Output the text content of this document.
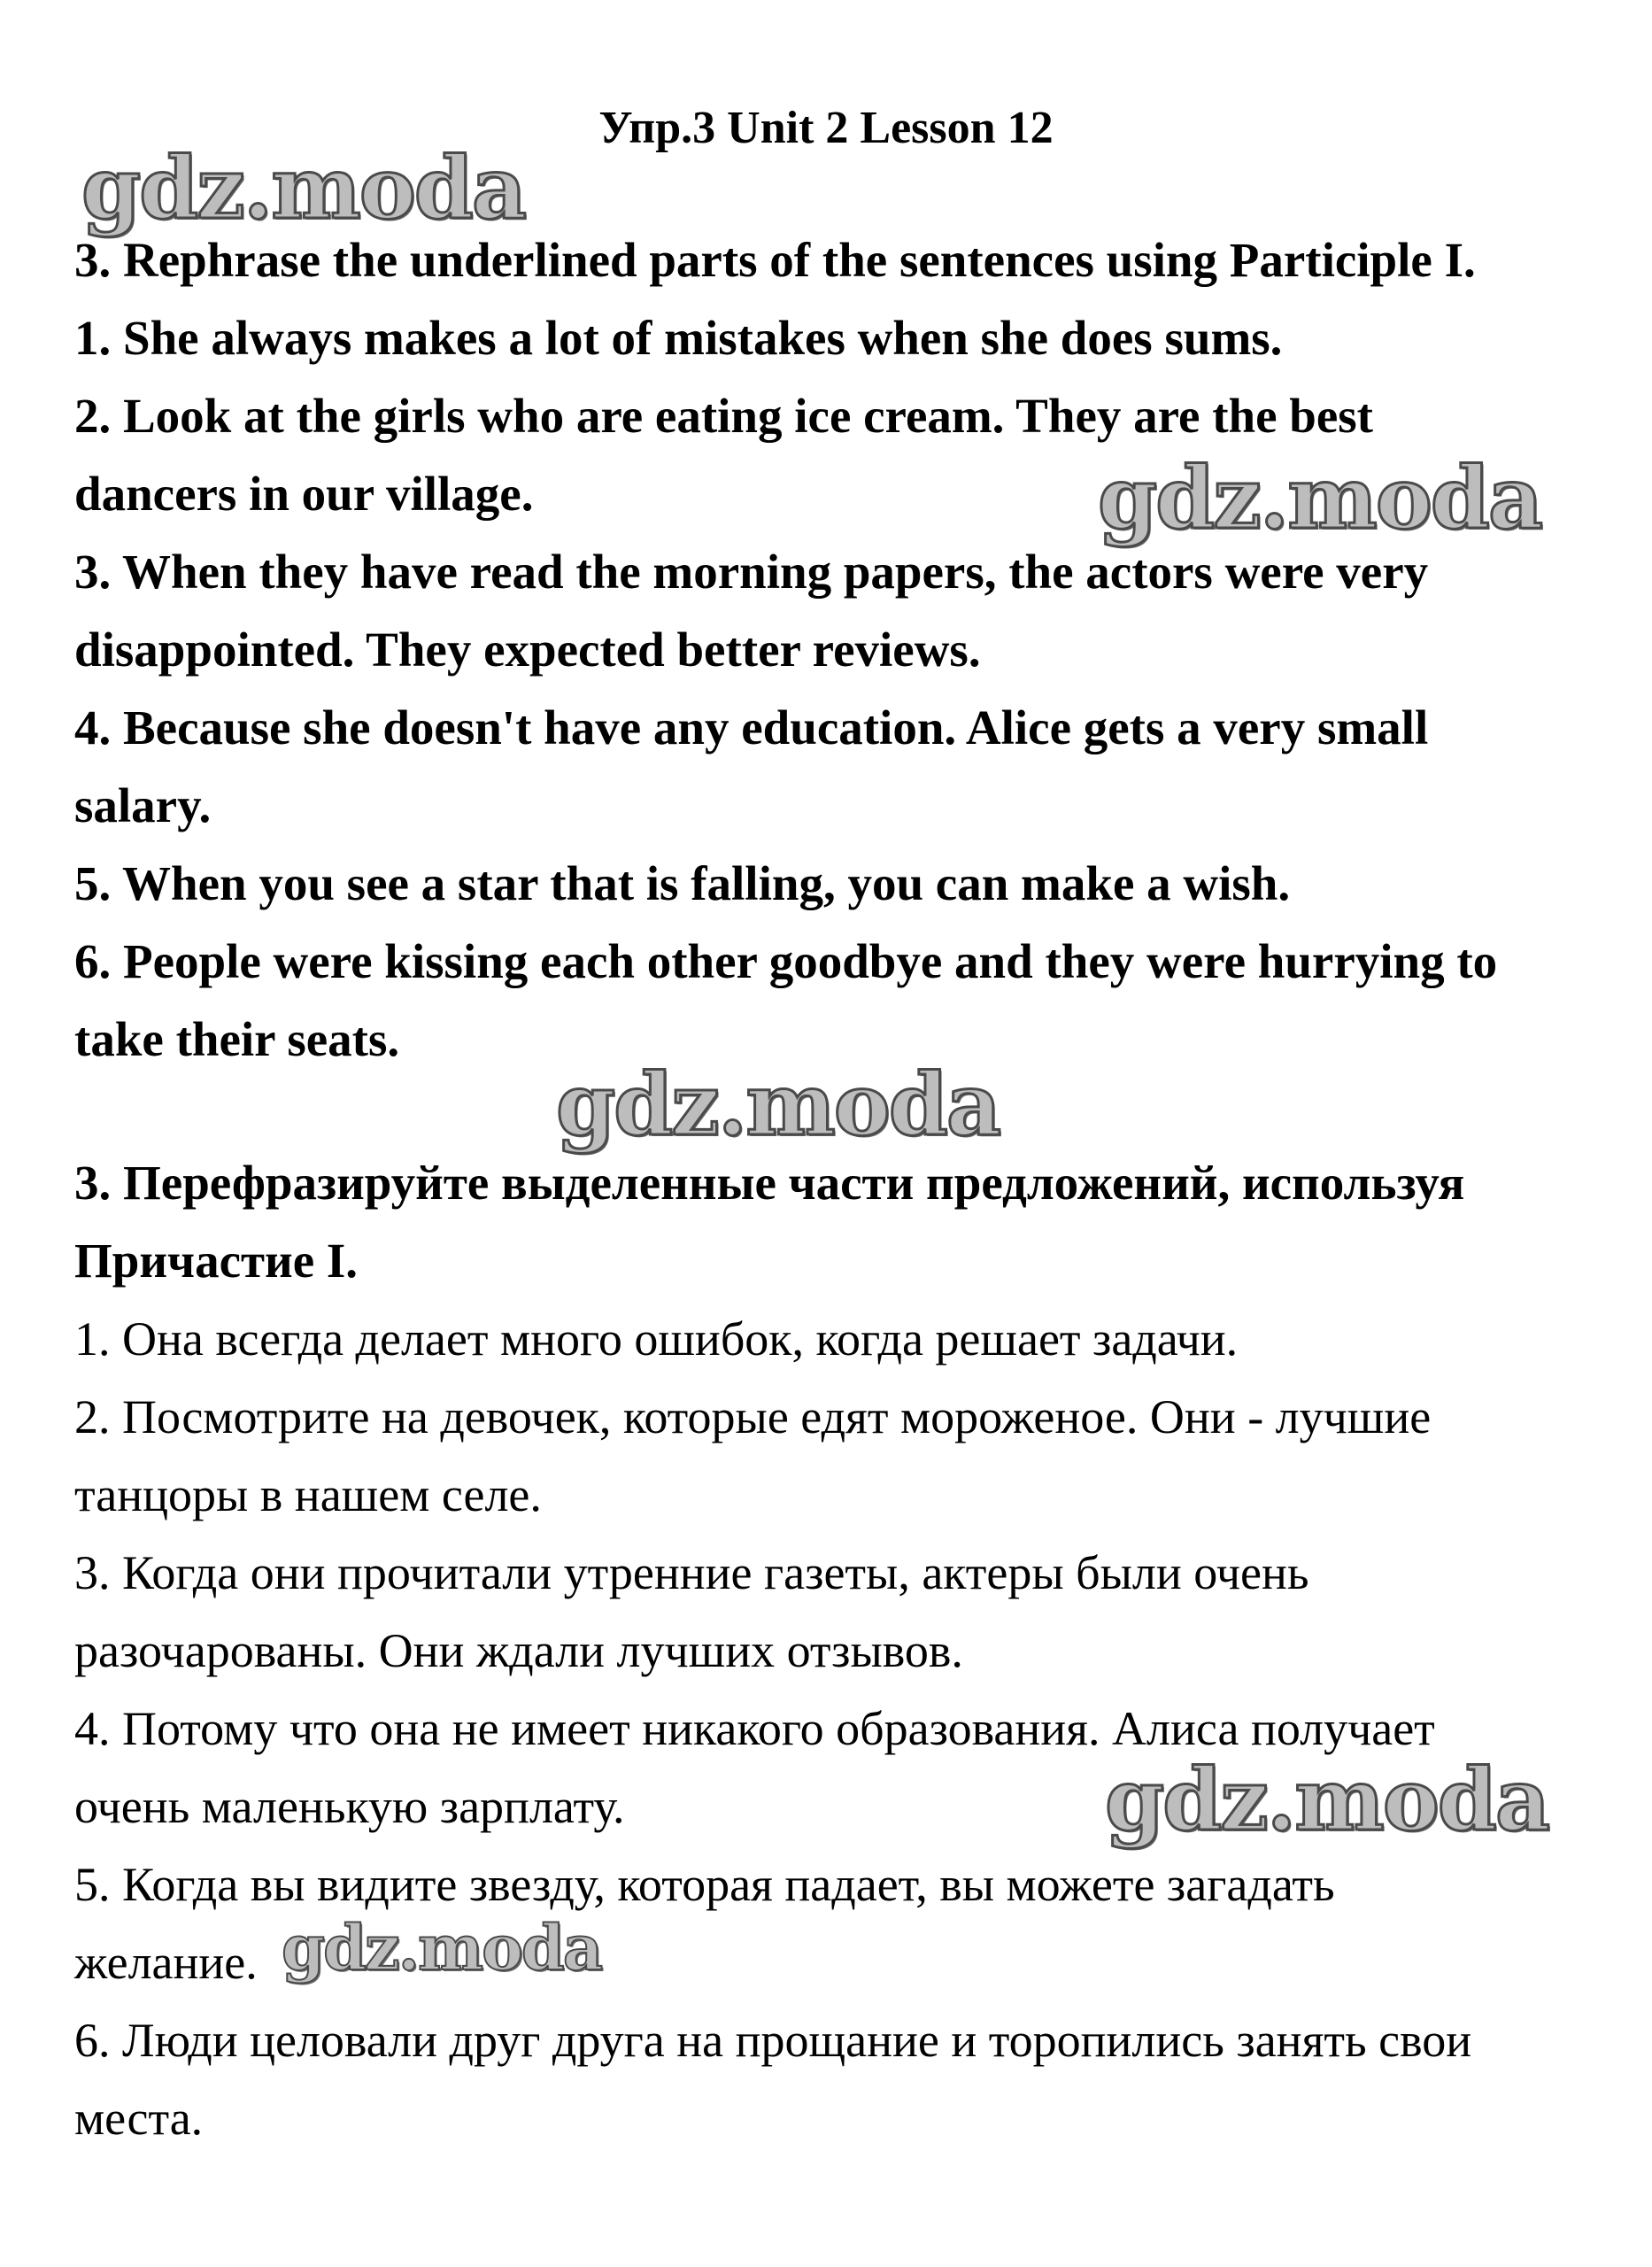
Упр.3 Unit 2 Lesson 12

3. Rephrase the underlined parts of the sentences using Participle I.

1. She always makes a lot of mistakes when she does sums.

2. Look at the girls who are eating ice cream. They are the best

dancers in our village.

3. When they have read the morning papers, the actors were very

disappointed. They expected better reviews.

4. Because she doesn't have any education. Alice gets a very small

salary.

5. When you see a star that is falling, you can make a wish.

6. People were kissing each other goodbye and they were hurrying to

take their seats.

3. Перефразируйте выделенные части предложений, используя

Причастие I.

1. Она всегда делает много ошибок, когда решает задачи.

2. Посмотрите на девочек, которые едят мороженое. Они - лучшие

танцоры в нашем селе.

3. Когда они прочитали утренние газеты, актеры были очень

разочарованы. Они ждали лучших отзывов.

4. Потому что она не имеет никакого образования. Алиса получает

очень маленькую зарплату.

5. Когда вы видите звезду, которая падает, вы можете загадать

желание.

6. Люди целовали друг друга на прощание и торопились занять свои

места.

gdz.moda
gdz.moda
gdz.moda
gdz.moda
gdz.moda
